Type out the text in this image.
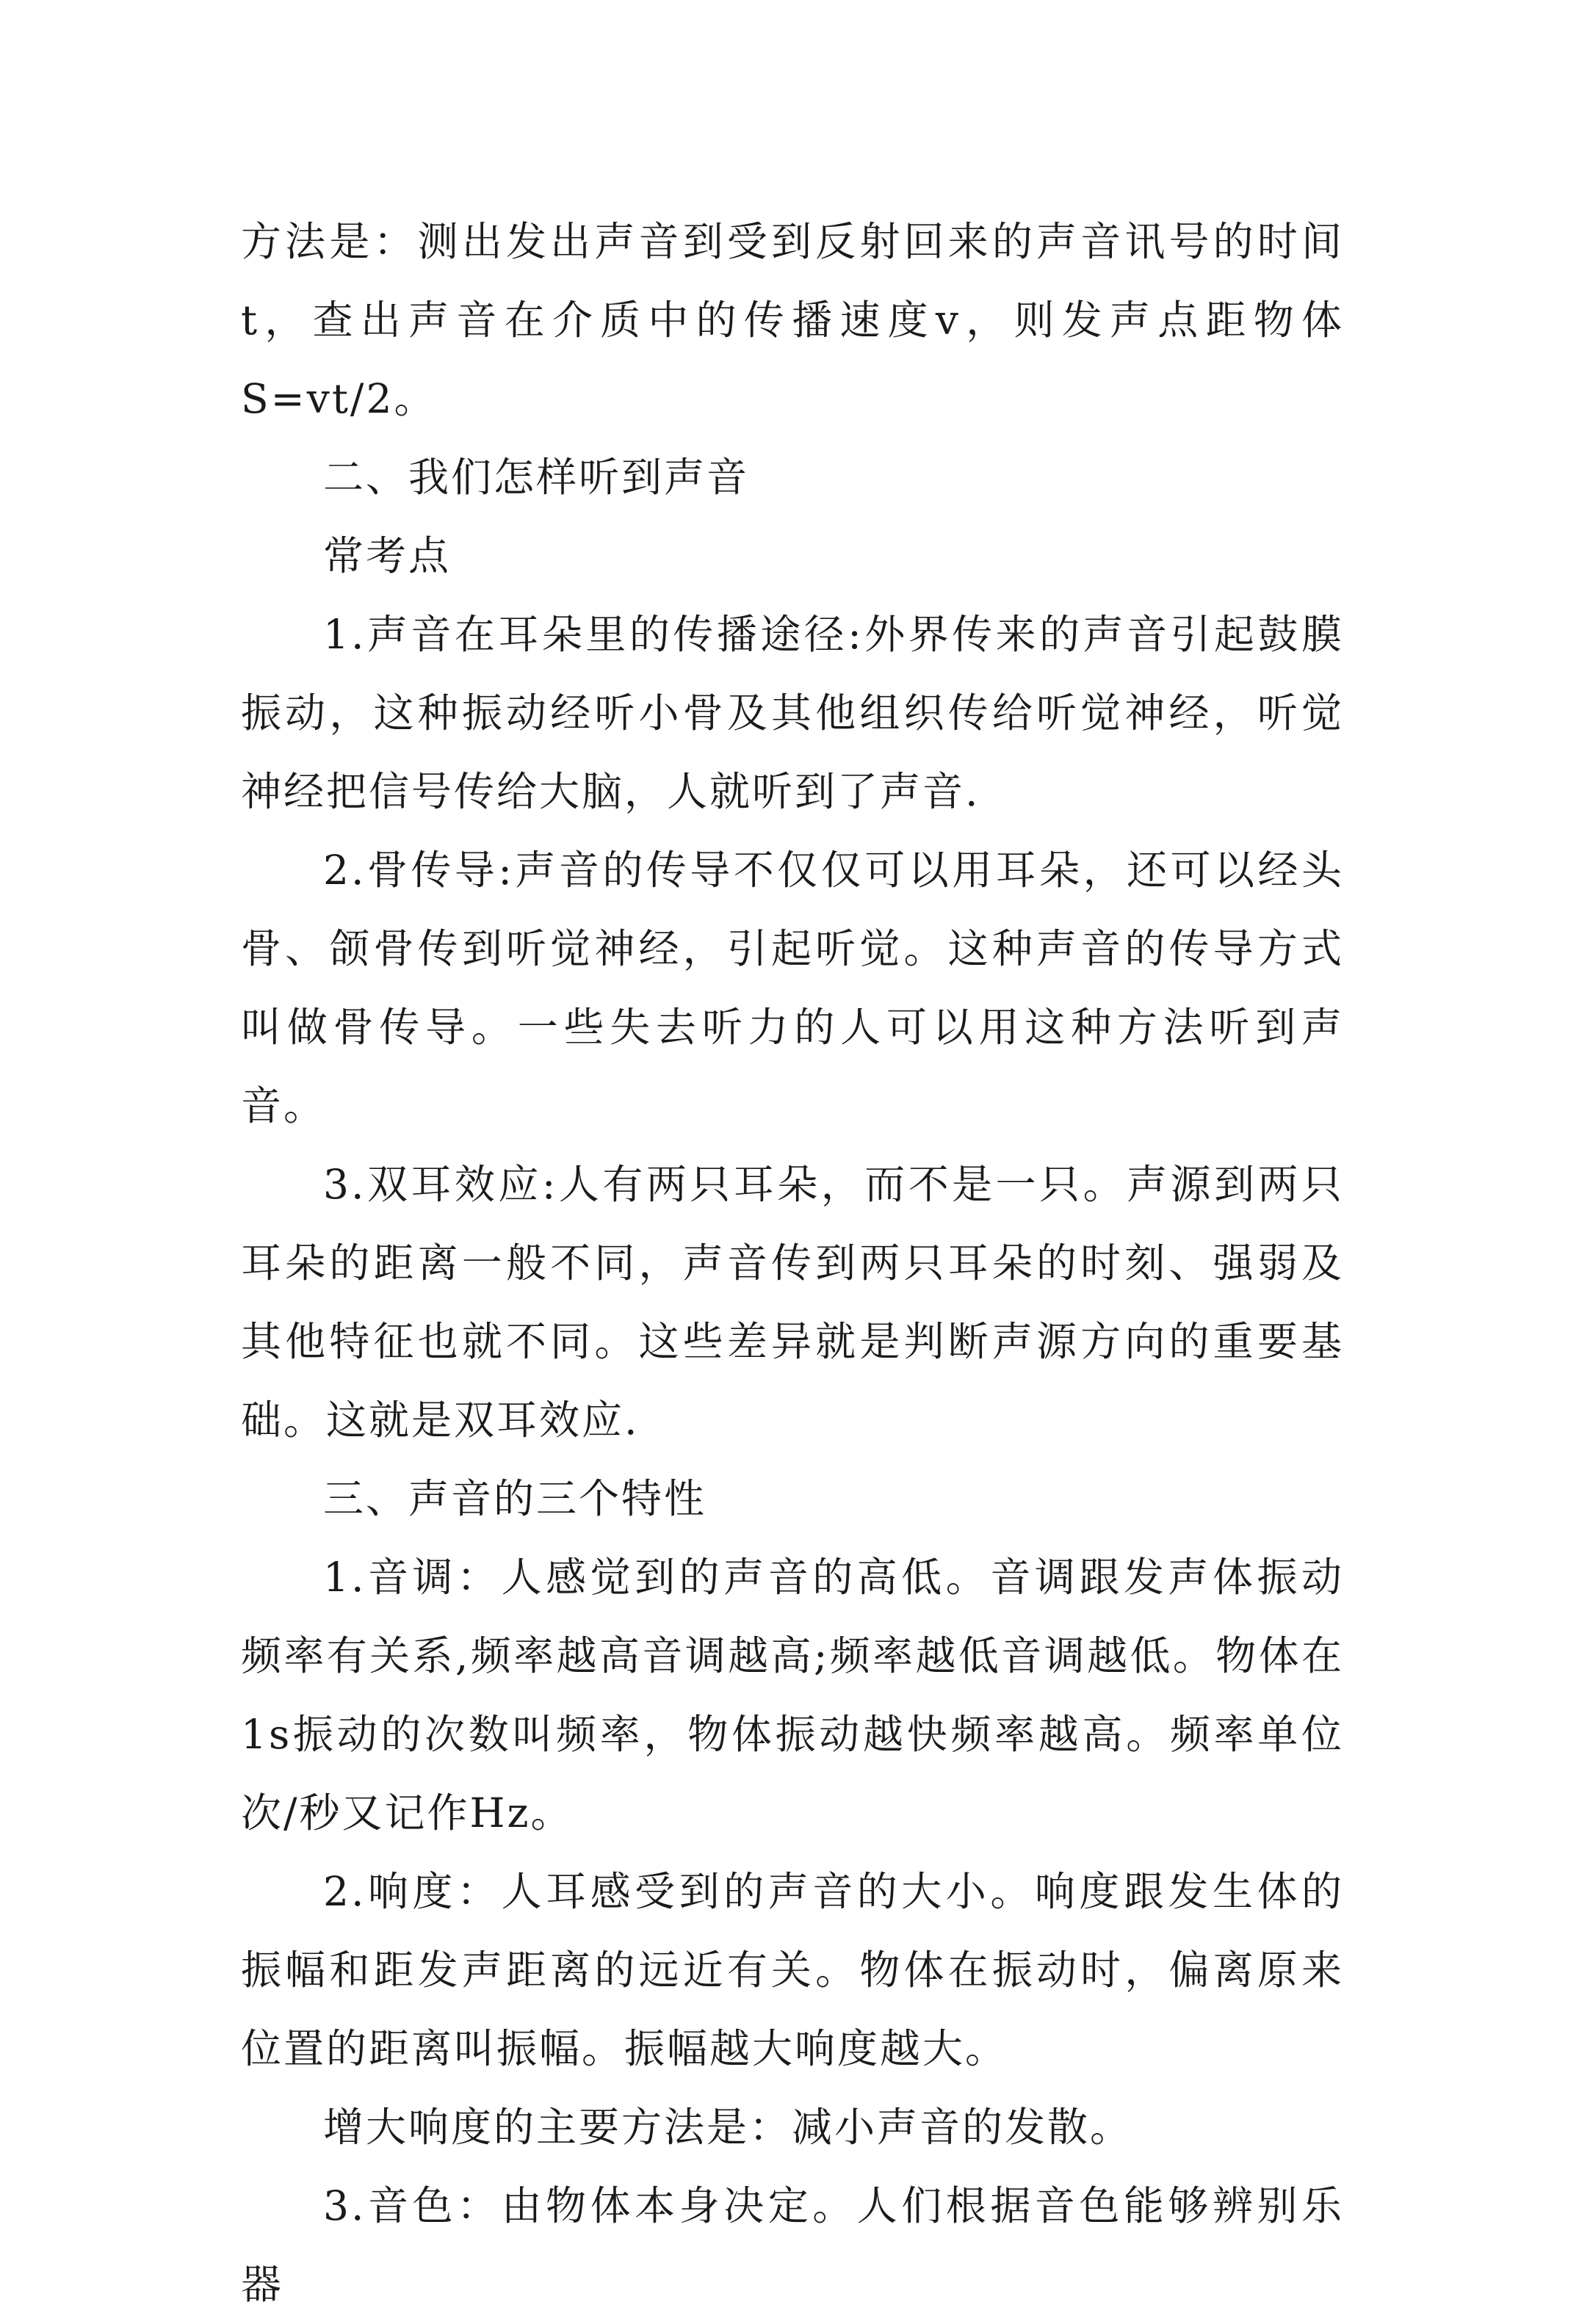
方法是：测出发出声音到受到反射回来的声音讯号的时间t，查出声音在介质中的传播速度v，则发声点距物体S=vt/2。

二、我们怎样听到声音

常考点

1.声音在耳朵里的传播途径:外界传来的声音引起鼓膜振动，这种振动经听小骨及其他组织传给听觉神经，听觉神经把信号传给大脑，人就听到了声音.

2.骨传导:声音的传导不仅仅可以用耳朵，还可以经头骨、颌骨传到听觉神经，引起听觉。这种声音的传导方式叫做骨传导。一些失去听力的人可以用这种方法听到声音。

3.双耳效应:人有两只耳朵，而不是一只。声源到两只耳朵的距离一般不同，声音传到两只耳朵的时刻、强弱及其他特征也就不同。这些差异就是判断声源方向的重要基础。这就是双耳效应.

三、声音的三个特性

1.音调：人感觉到的声音的高低。音调跟发声体振动频率有关系,频率越高音调越高;频率越低音调越低。物体在1s振动的次数叫频率，物体振动越快频率越高。频率单位次/秒又记作Hz。

2.响度：人耳感受到的声音的大小。响度跟发生体的振幅和距发声距离的远近有关。物体在振动时，偏离原来位置的距离叫振幅。振幅越大响度越大。

增大响度的主要方法是：减小声音的发散。

3.音色：由物体本身决定。人们根据音色能够辨别乐器
